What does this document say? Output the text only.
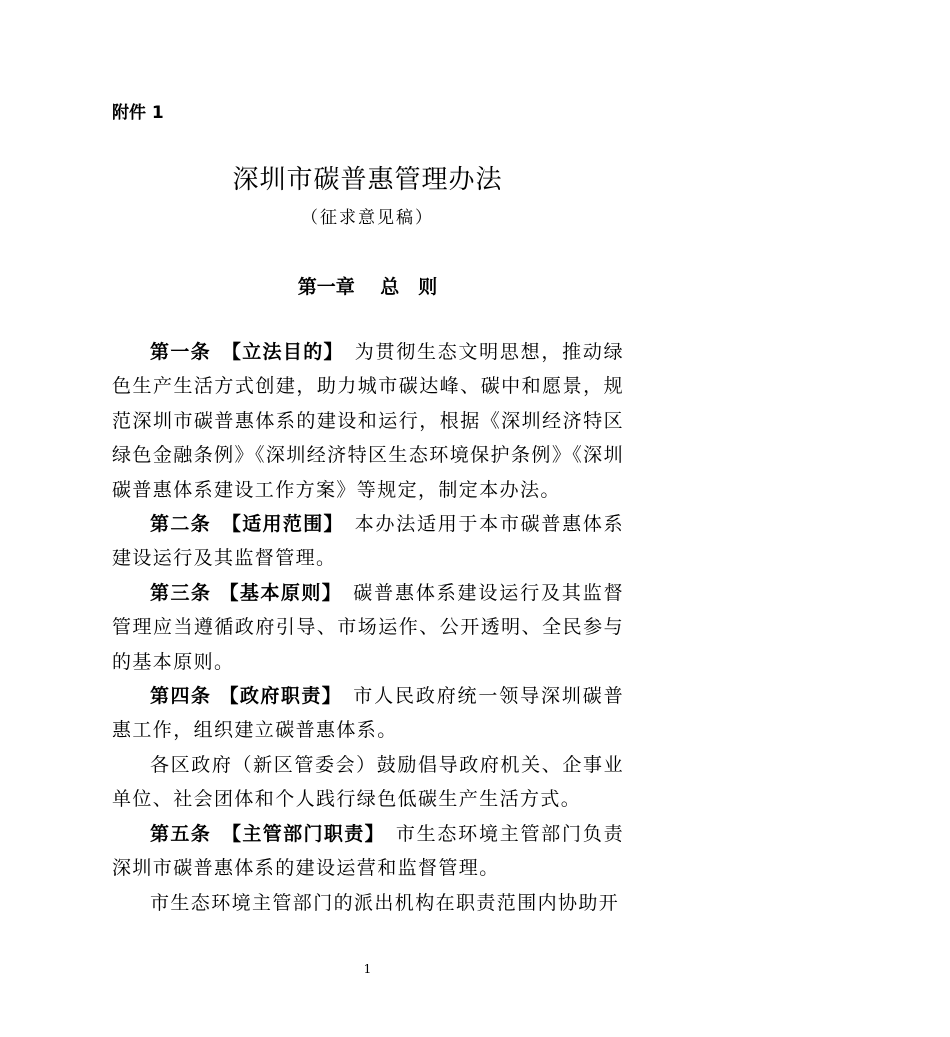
附件 1
深圳市碳普惠管理办法
（征求意见稿）
第一章　 总　则

第一条　【立法目的】　为贯彻生态文明思想，推动绿色生产生活方式创建，助力城市碳达峰、碳中和愿景，规范深圳市碳普惠体系的建设和运行，根据《深圳经济特区绿色金融条例》《深圳经济特区生态环境保护条例》《深圳碳普惠体系建设工作方案》等规定，制定本办法。

第二条　【适用范围】　本办法适用于本市碳普惠体系建设运行及其监督管理。

第三条 【基本原则】　碳普惠体系建设运行及其监督管理应当遵循政府引导、市场运作、公开透明、全民参与的基本原则。

第四条 【政府职责】　市人民政府统一领导深圳碳普惠工作，组织建立碳普惠体系。

各区政府（新区管委会）鼓励倡导政府机关、企事业单位、社会团体和个人践行绿色低碳生产生活方式。

第五条　【主管部门职责】　市生态环境主管部门负责深圳市碳普惠体系的建设运营和监督管理。

市生态环境主管部门的派出机构在职责范围内协助开

1
